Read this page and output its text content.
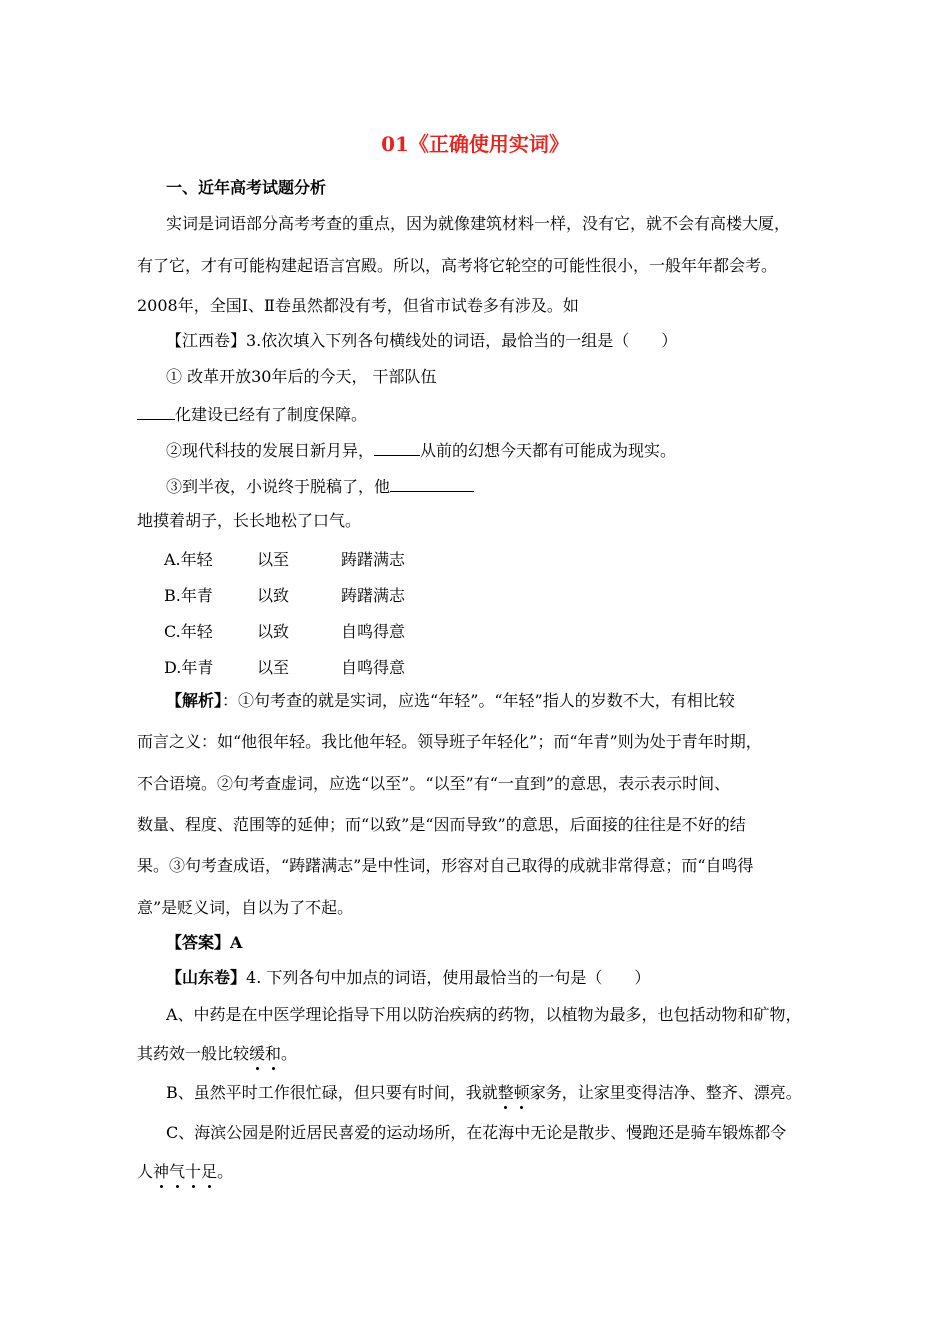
01《正确使用实词》
一、近年高考试题分析
实词是词语部分高考考查的重点，因为就像建筑材料一样，没有它，就不会有高楼大厦，
有了它，才有可能构建起语言宫殿。所以，高考将它轮空的可能性很小，一般年年都会考。
2008年，全国Ⅰ、Ⅱ卷虽然都没有考，但省市试卷多有涉及。如
【江西卷】3.依次填入下列各句横线处的词语，最恰当的一组是（　　）
① 改革开放30年后的今天， 干部队伍
化建设已经有了制度保障。
②现代科技的发展日新月异，	从前的幻想今天都有可能成为现实。
③到半夜，小说终于脱稿了，他
地摸着胡子，长长地松了口气。
A.年轻	以至	踌躇满志
B.年青	以致	踌躇满志
C.年轻	以致	自鸣得意
D.年青	以至	自鸣得意
【解析】：①句考查的就是实词，应选“年轻”。“年轻”指人的岁数不大，有相比较
而言之义：如“他很年轻。我比他年轻。领导班子年轻化”；而“年青”则为处于青年时期，
不合语境。②句考查虚词，应选“以至”。“以至”有“一直到”的意思，表示表示时间、
数量、程度、范围等的延伸；而“以致”是“因而导致”的意思，后面接的往往是不好的结
果。③句考查成语，“踌躇满志”是中性词，形容对自己取得的成就非常得意；而“自鸣得
意”是贬义词，自以为了不起。
【答案】A
【山东卷】4. 下列各句中加点的词语，使用最恰当的一句是（　　）
A、中药是在中医学理论指导下用以防治疾病的药物，以植物为最多，也包括动物和矿物，
其药效一般比较缓和。
B、虽然平时工作很忙碌，但只要有时间，我就整顿家务，让家里变得洁净、整齐、漂亮。
C、海滨公园是附近居民喜爱的运动场所，在花海中无论是散步、慢跑还是骑车锻炼都令
人神气十足。
